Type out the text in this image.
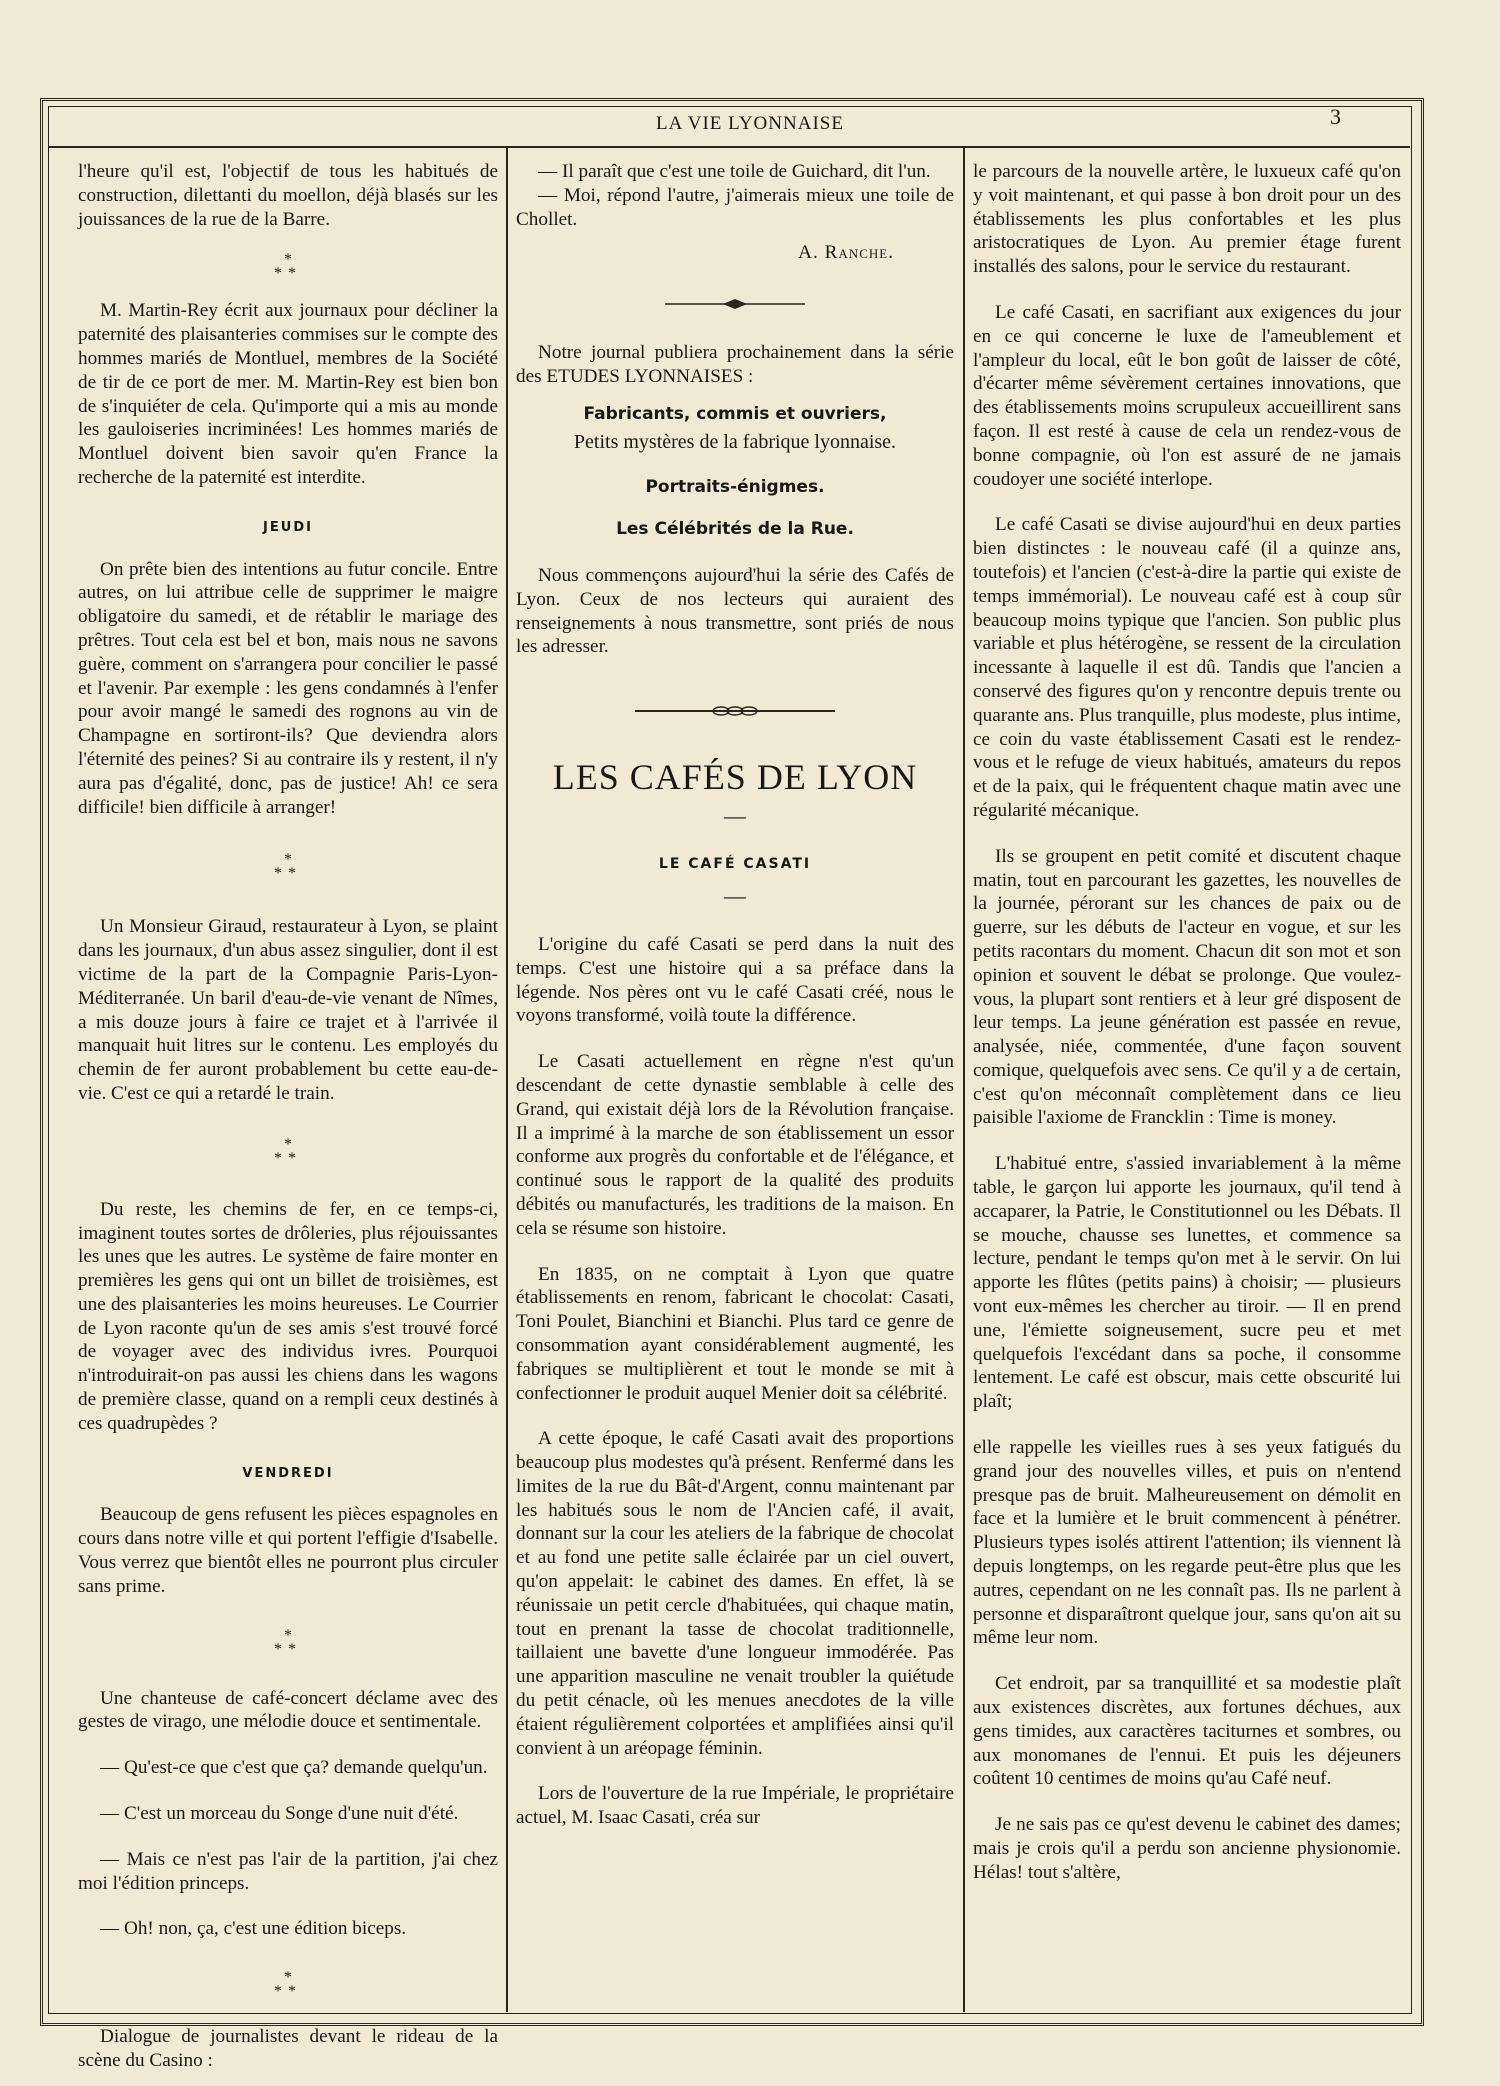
LA VIE LYONNAISE	3

l'heure qu'il est, l'objectif de tous les habitués de construction, dilettanti du moellon, déjà blasés sur les jouissances de la rue de la Barre.

*
**

M. Martin-Rey écrit aux journaux pour décliner la paternité des plaisanteries commises sur le compte des hommes mariés de Montluel, membres de la Société de tir de ce port de mer. M. Martin-Rey est bien bon de s'inquiéter de cela. Qu'importe qui a mis au monde les gauloiseries incriminées! Les hommes mariés de Montluel doivent bien savoir qu'en France la recherche de la paternité est interdite.

JEUDI

On prête bien des intentions au futur concile. Entre autres, on lui attribue celle de supprimer le maigre obligatoire du samedi, et de rétablir le mariage des prêtres. Tout cela est bel et bon, mais nous ne savons guère, comment on s'arrangera pour concilier le passé et l'avenir. Par exemple : les gens condamnés à l'enfer pour avoir mangé le samedi des rognons au vin de Champagne en sortiront-ils? Que deviendra alors l'éternité des peines? Si au contraire ils y restent, il n'y aura pas d'égalité, donc, pas de justice! Ah! ce sera difficile! bien difficile à arranger!

*
**

Un Monsieur Giraud, restaurateur à Lyon, se plaint dans les journaux, d'un abus assez singulier, dont il est victime de la part de la Compagnie Paris-Lyon-Méditerranée. Un baril d'eau-de-vie venant de Nîmes, a mis douze jours à faire ce trajet et à l'arrivée il manquait huit litres sur le contenu. Les employés du chemin de fer auront probablement bu cette eau-de-vie. C'est ce qui a retardé le train.

*
**

Du reste, les chemins de fer, en ce temps-ci, imaginent toutes sortes de drôleries, plus réjouissantes les unes que les autres. Le système de faire monter en premières les gens qui ont un billet de troisièmes, est une des plaisanteries les moins heureuses. Le Courrier de Lyon raconte qu'un de ses amis s'est trouvé forcé de voyager avec des individus ivres. Pourquoi n'introduirait-on pas aussi les chiens dans les wagons de première classe, quand on a rempli ceux destinés à ces quadrupèdes ?

VENDREDI

Beaucoup de gens refusent les pièces espagnoles en cours dans notre ville et qui portent l'effigie d'Isabelle. Vous verrez que bientôt elles ne pourront plus circuler sans prime.

*
**

Une chanteuse de café-concert déclame avec des gestes de virago, une mélodie douce et sentimentale.

— Qu'est-ce que c'est que ça? demande quelqu'un.

— C'est un morceau du Songe d'une nuit d'été.

— Mais ce n'est pas l'air de la partition, j'ai chez moi l'édition princeps.

— Oh! non, ça, c'est une édition biceps.

*
**

Dialogue de journalistes devant le rideau de la scène du Casino :

— Il paraît que c'est une toile de Guichard, dit l'un.

— Moi, répond l'autre, j'aimerais mieux une toile de Chollet.

A. Ranche.

Notre journal publiera prochainement dans la série des ETUDES LYONNAISES :

Fabricants, commis et ouvriers,

Petits mystères de la fabrique lyonnaise.

Portraits-énigmes.
Les Célébrités de la Rue.

Nous commençons aujourd'hui la série des Cafés de Lyon. Ceux de nos lecteurs qui auraient des renseignements à nous transmettre, sont priés de nous les adresser.

LES CAFÉS DE LYON
—
LE CAFÉ CASATI
—

L'origine du café Casati se perd dans la nuit des temps. C'est une histoire qui a sa préface dans la légende. Nos pères ont vu le café Casati créé, nous le voyons transformé, voilà toute la différence.

Le Casati actuellement en règne n'est qu'un descendant de cette dynastie semblable à celle des Grand, qui existait déjà lors de la Révolution française. Il a imprimé à la marche de son établissement un essor conforme aux progrès du confortable et de l'élégance, et continué sous le rapport de la qualité des produits débités ou manufacturés, les traditions de la maison. En cela se résume son histoire.

En 1835, on ne comptait à Lyon que quatre établissements en renom, fabricant le chocolat: Casati, Toni Poulet, Bianchini et Bianchi. Plus tard ce genre de consommation ayant considérablement augmenté, les fabriques se multiplièrent et tout le monde se mit à confectionner le produit auquel Menier doit sa célébrité.

A cette époque, le café Casati avait des proportions beaucoup plus modestes qu'à présent. Renfermé dans les limites de la rue du Bât-d'Argent, connu maintenant par les habitués sous le nom de l'Ancien café, il avait, donnant sur la cour les ateliers de la fabrique de chocolat et au fond une petite salle éclairée par un ciel ouvert, qu'on appelait: le cabinet des dames. En effet, là se réunissaie un petit cercle d'habituées, qui chaque matin, tout en prenant la tasse de chocolat traditionnelle, taillaient une bavette d'une longueur immodérée. Pas une apparition masculine ne venait troubler la quiétude du petit cénacle, où les menues anecdotes de la ville étaient régulièrement colportées et amplifiées ainsi qu'il convient à un aréopage féminin.

Lors de l'ouverture de la rue Impériale, le propriétaire actuel, M. Isaac Casati, créa sur

le parcours de la nouvelle artère, le luxueux café qu'on y voit maintenant, et qui passe à bon droit pour un des établissements les plus confortables et les plus aristocratiques de Lyon. Au premier étage furent installés des salons, pour le service du restaurant.

Le café Casati, en sacrifiant aux exigences du jour en ce qui concerne le luxe de l'ameublement et l'ampleur du local, eût le bon goût de laisser de côté, d'écarter même sévèrement certaines innovations, que des établissements moins scrupuleux accueillirent sans façon. Il est resté à cause de cela un rendez-vous de bonne compagnie, où l'on est assuré de ne jamais coudoyer une société interlope.

Le café Casati se divise aujourd'hui en deux parties bien distinctes : le nouveau café (il a quinze ans, toutefois) et l'ancien (c'est-à-dire la partie qui existe de temps immémorial). Le nouveau café est à coup sûr beaucoup moins typique que l'ancien. Son public plus variable et plus hétérogène, se ressent de la circulation incessante à laquelle il est dû. Tandis que l'ancien a conservé des figures qu'on y rencontre depuis trente ou quarante ans. Plus tranquille, plus modeste, plus intime, ce coin du vaste établissement Casati est le rendez-vous et le refuge de vieux habitués, amateurs du repos et de la paix, qui le fréquentent chaque matin avec une régularité mécanique.

Ils se groupent en petit comité et discutent chaque matin, tout en parcourant les gazettes, les nouvelles de la journée, pérorant sur les chances de paix ou de guerre, sur les débuts de l'acteur en vogue, et sur les petits racontars du moment. Chacun dit son mot et son opinion et souvent le débat se prolonge. Que voulez-vous, la plupart sont rentiers et à leur gré disposent de leur temps. La jeune génération est passée en revue, analysée, niée, commentée, d'une façon souvent comique, quelquefois avec sens. Ce qu'il y a de certain, c'est qu'on méconnaît complètement dans ce lieu paisible l'axiome de Francklin : Time is money.

L'habitué entre, s'assied invariablement à la même table, le garçon lui apporte les journaux, qu'il tend à accaparer, la Patrie, le Constitutionnel ou les Débats. Il se mouche, chausse ses lunettes, et commence sa lecture, pendant le temps qu'on met à le servir. On lui apporte les flûtes (petits pains) à choisir; — plusieurs vont eux-mêmes les chercher au tiroir. — Il en prend une, l'émiette soigneusement, sucre peu et met quelquefois l'excédant dans sa poche, il consomme lentement. Le café est obscur, mais cette obscurité lui plaît;

elle rappelle les vieilles rues à ses yeux fatigués du grand jour des nouvelles villes, et puis on n'entend presque pas de bruit. Malheureusement on démolit en face et la lumière et le bruit commencent à pénétrer. Plusieurs types isolés attirent l'attention; ils viennent là depuis longtemps, on les regarde peut-être plus que les autres, cependant on ne les connaît pas. Ils ne parlent à personne et disparaîtront quelque jour, sans qu'on ait su même leur nom.

Cet endroit, par sa tranquillité et sa modestie plaît aux existences discrètes, aux fortunes déchues, aux gens timides, aux caractères taciturnes et sombres, ou aux monomanes de l'ennui. Et puis les déjeuners coûtent 10 centimes de moins qu'au Café neuf.

Je ne sais pas ce qu'est devenu le cabinet des dames; mais je crois qu'il a perdu son ancienne physionomie. Hélas! tout s'altère,
